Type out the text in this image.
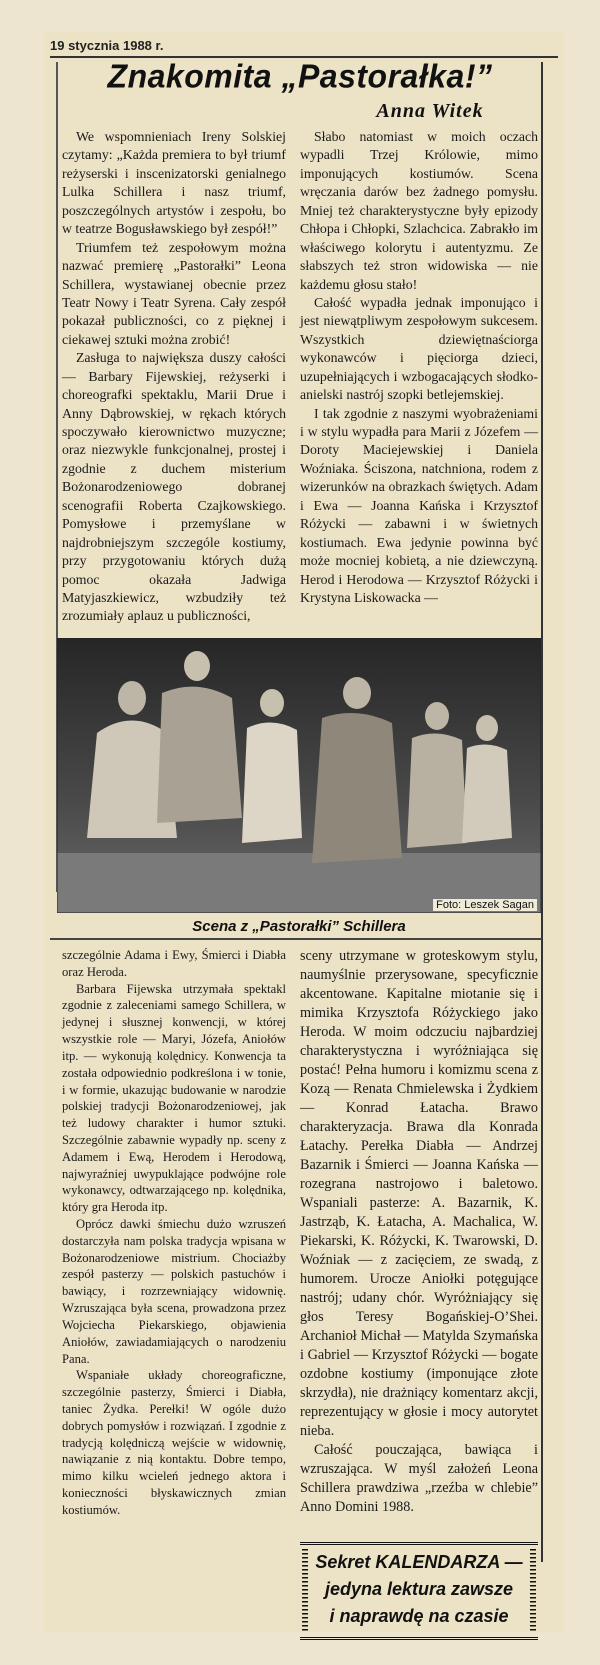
19 stycznia 1988 r.
Znakomita „Pastorałka!”
Anna Witek

We wspomnieniach Ireny Solskiej czytamy: „Każda premiera to był triumf reżyserski i inscenizatorski genialnego Lulka Schillera i nasz triumf, poszczególnych artystów i zespołu, bo w teatrze Bogusławskiego był zespół!”

Triumfem też zespołowym można nazwać premierę „Pastorałki” Leona Schillera, wystawianej obecnie przez Teatr Nowy i Teatr Syrena. Cały zespół pokazał publiczności, co z pięknej i ciekawej sztuki można zrobić!

Zasługa to największa duszy całości — Barbary Fijewskiej, reżyserki i choreografki spektaklu, Marii Drue i Anny Dąbrowskiej, w rękach których spoczywało kierownictwo muzyczne; oraz niezwykle funkcjonalnej, prostej i zgodnie z duchem misterium Bożonarodzeniowego dobranej scenografii Roberta Czajkowskiego. Pomysłowe i przemyślane w najdrobniejszym szczególe kostiumy, przy przygotowaniu których dużą pomoc okazała Jadwiga Matyjaszkiewicz, wzbudziły też zrozumiały aplauz u publiczności,

Słabo natomiast w moich oczach wypadli Trzej Królowie, mimo imponujących kostiumów. Scena wręczania darów bez żadnego pomysłu. Mniej też charakterystyczne były epizody Chłopa i Chłopki, Szlachcica. Zabrakło im właściwego kolorytu i autentyzmu. Ze słabszych też stron widowiska — nie każdemu głosu stało!

Całość wypadła jednak imponująco i jest niewątpliwym zespołowym sukcesem. Wszystkich dziewiętnaściorga wykonawców i pięciorga dzieci, uzupełniających i wzbogacających słodko-anielski nastrój szopki betlejemskiej.

I tak zgodnie z naszymi wyobrażeniami i w stylu wypadła para Marii z Józefem — Doroty Maciejewskiej i Daniela Woźniaka. Ściszona, natchniona, rodem z wizerunków na obrazkach świętych. Adam i Ewa — Joanna Kańska i Krzysztof Różycki — zabawni i w świetnych kostiumach. Ewa jedynie powinna być może mocniej kobietą, a nie dziewczyną. Herod i Herodowa — Krzysztof Różycki i Krystyna Liskowacka —

Foto: Leszek Sagan
Scena z „Pastorałki” Schillera

szczególnie Adama i Ewy, Śmierci i Diabła oraz Heroda.

Barbara Fijewska utrzymała spektakl zgodnie z zaleceniami samego Schillera, w jedynej i słusznej konwencji, w której wszystkie role — Maryi, Józefa, Aniołów itp. — wykonują kolędnicy. Konwencja ta została odpowiednio podkreślona i w tonie, i w formie, ukazując budowanie w narodzie polskiej tradycji Bożonarodzeniowej, jak też ludowy charakter i humor sztuki. Szczególnie zabawnie wypadły np. sceny z Adamem i Ewą, Herodem i Herodową, najwyraźniej uwypuklające podwójne role wykonawcy, odtwarzającego np. kolędnika, który gra Heroda itp.

Oprócz dawki śmiechu dużo wzruszeń dostarczyła nam polska tradycja wpisana w Bożonarodzeniowe mistrium. Chociażby zespół pasterzy — polskich pastuchów i bawiący, i rozrzewniający widownię. Wzruszająca była scena, prowadzona przez Wojciecha Piekarskiego, objawienia Aniołów, zawiadamiających o narodzeniu Pana.

Wspaniałe układy choreograficzne, szczególnie pasterzy, Śmierci i Diabła, taniec Żydka. Perełki! W ogóle dużo dobrych pomysłów i rozwiązań. I zgodnie z tradycją kolędniczą wejście w widownię, nawiązanie z nią kontaktu. Dobre tempo, mimo kilku wcieleń jednego aktora i konieczności błyskawicznych zmian kostiumów.

sceny utrzymane w groteskowym stylu, naumyślnie przerysowane, specyficznie akcentowane. Kapitalne miotanie się i mimika Krzysztofa Różyckiego jako Heroda. W moim odczuciu najbardziej charakterystyczna i wyróżniająca się postać! Pełna humoru i komizmu scena z Kozą — Renata Chmielewska i Żydkiem — Konrad Łatacha. Brawo charakteryzacja. Brawa dla Konrada Łatachy. Perełka Diabła — Andrzej Bazarnik i Śmierci — Joanna Kańska — rozegrana nastrojowo i baletowo. Wspaniali pasterze: A. Bazarnik, K. Jastrząb, K. Łatacha, A. Machalica, W. Piekarski, K. Różycki, K. Twarowski, D. Woźniak — z zacięciem, ze swadą, z humorem. Urocze Aniołki potęgujące nastrój; udany chór. Wyróżniający się głos Teresy Bogańskiej-O’Shei. Archanioł Michał — Matylda Szymańska i Gabriel — Krzysztof Różycki — bogate ozdobne kostiumy (imponujące złote skrzydła), nie drażniący komentarz akcji, reprezentujący w głosie i mocy autorytet nieba.

Całość pouczająca, bawiąca i wzruszająca. W myśl założeń Leona Schillera prawdziwa „rzeźba w chlebie” Anno Domini 1988.

Sekret KALENDARZA —
jedyna lektura zawsze
i naprawdę na czasie
